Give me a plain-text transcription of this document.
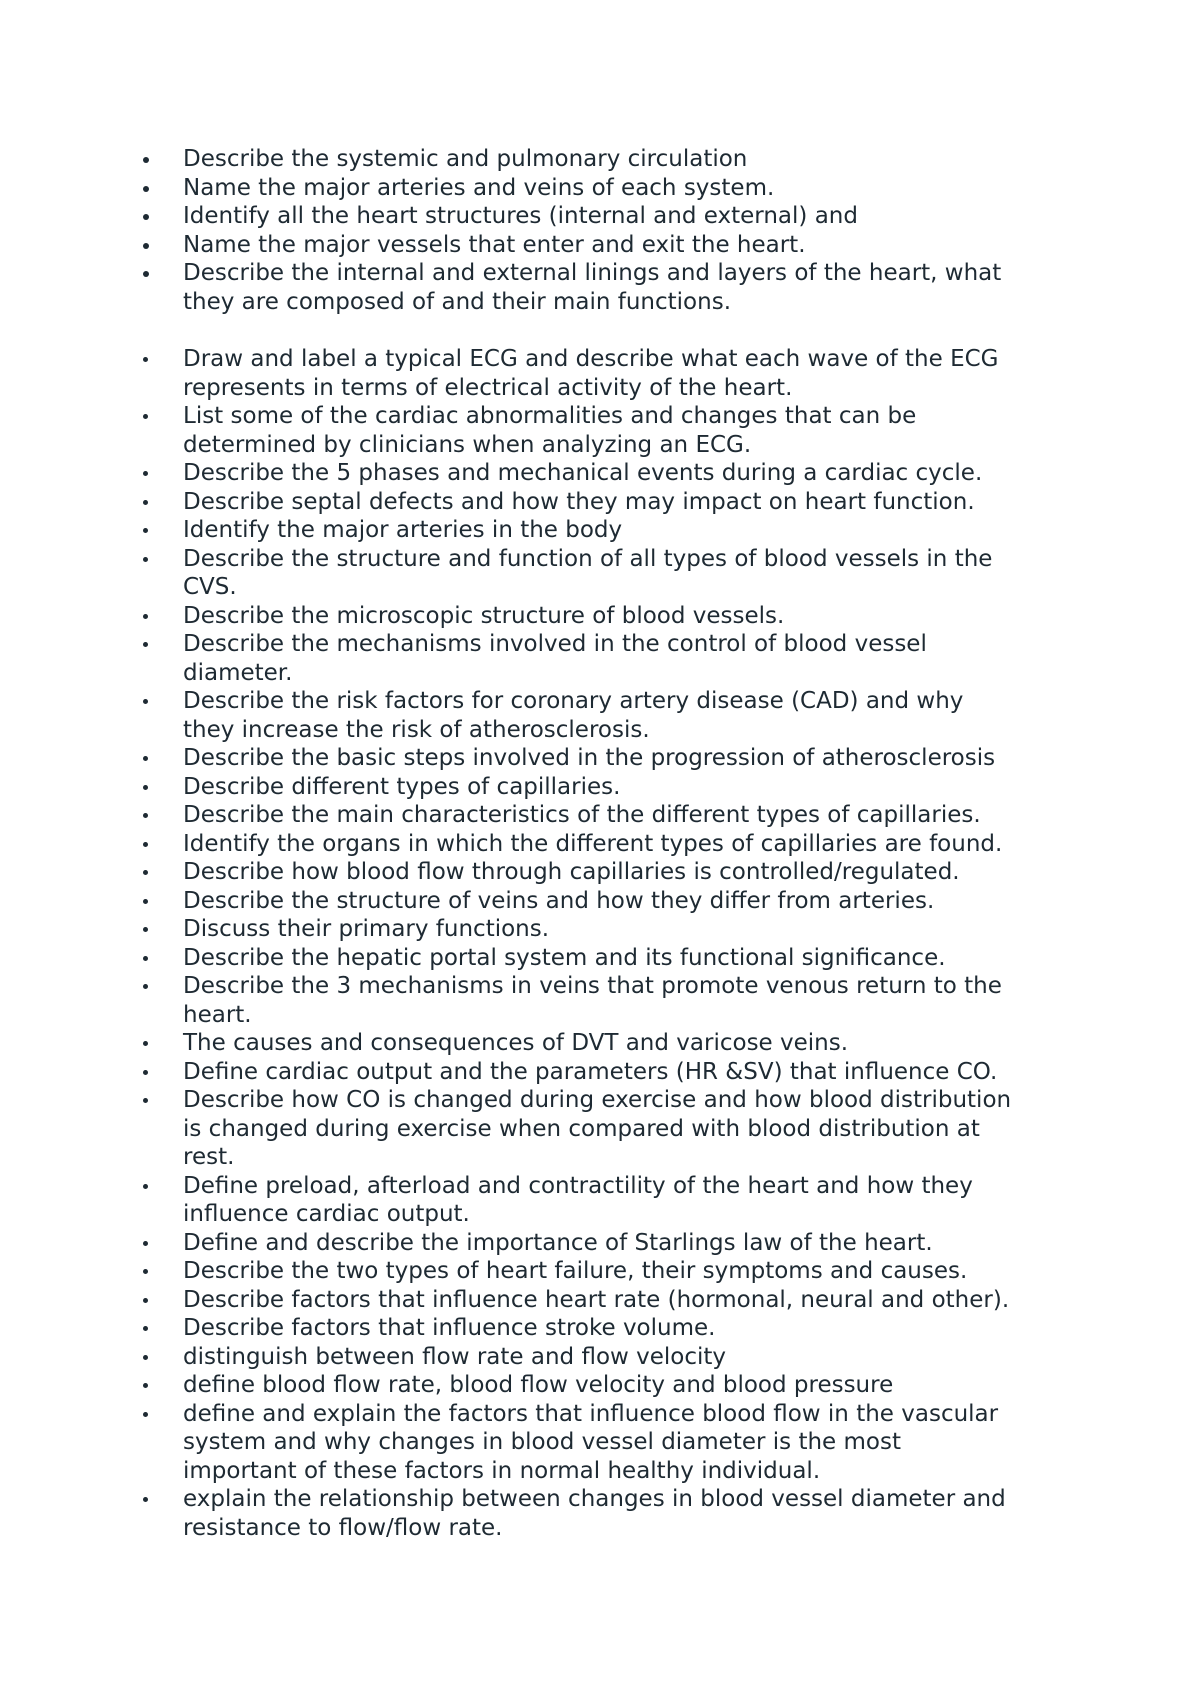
Describe the systemic and pulmonary circulation
Name the major arteries and veins of each system.
Identify all the heart structures (internal and external) and
Name the major vessels that enter and exit the heart.
Describe the internal and external linings and layers of the heart, what
they are composed of and their main functions.
Draw and label a typical ECG and describe what each wave of the ECG
represents in terms of electrical activity of the heart.
List some of the cardiac abnormalities and changes that can be
determined by clinicians when analyzing an ECG.
Describe the 5 phases and mechanical events during a cardiac cycle.
Describe septal defects and how they may impact on heart function.
Identify the major arteries in the body
Describe the structure and function of all types of blood vessels in the
CVS.
Describe the microscopic structure of blood vessels.
Describe the mechanisms involved in the control of blood vessel
diameter.
Describe the risk factors for coronary artery disease (CAD) and why
they increase the risk of atherosclerosis.
Describe the basic steps involved in the progression of atherosclerosis
Describe different types of capillaries.
Describe the main characteristics of the different types of capillaries.
Identify the organs in which the different types of capillaries are found.
Describe how blood flow through capillaries is controlled/regulated.
Describe the structure of veins and how they differ from arteries.
Discuss their primary functions.
Describe the hepatic portal system and its functional significance.
Describe the 3 mechanisms in veins that promote venous return to the
heart.
The causes and consequences of DVT and varicose veins.
Define cardiac output and the parameters (HR &SV) that influence CO.
Describe how CO is changed during exercise and how blood distribution
is changed during exercise when compared with blood distribution at
rest.
Define preload, afterload and contractility of the heart and how they
influence cardiac output.
Define and describe the importance of Starlings law of the heart.
Describe the two types of heart failure, their symptoms and causes.
Describe factors that influence heart rate (hormonal, neural and other).
Describe factors that influence stroke volume.
distinguish between flow rate and flow velocity
define blood flow rate, blood flow velocity and blood pressure
define and explain the factors that influence blood flow in the vascular
system and why changes in blood vessel diameter is the most
important of these factors in normal healthy individual.
explain the relationship between changes in blood vessel diameter and
resistance to flow/flow rate.
